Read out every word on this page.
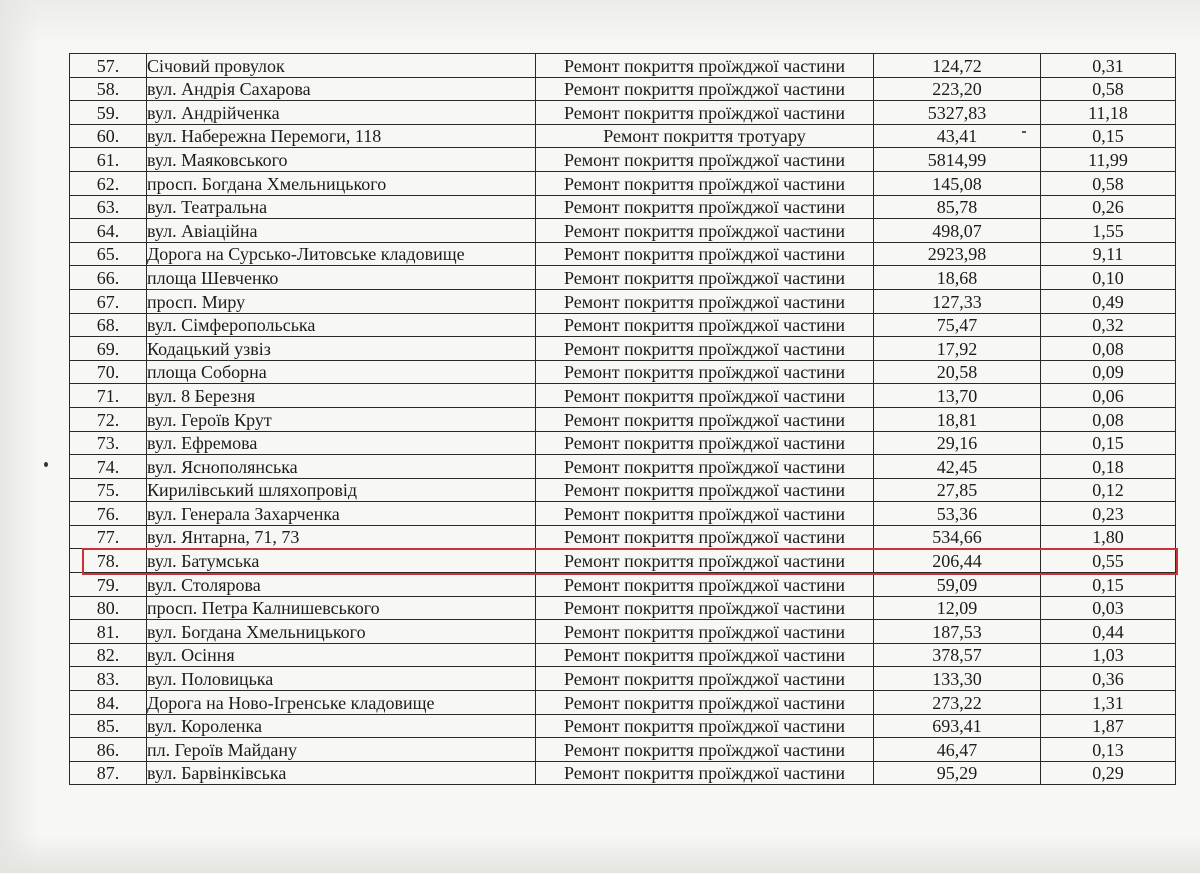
57.	Січовий провулок	Ремонт покриття проїжджої частини	124,72	0,31
58.	вул. Андрія Сахарова	Ремонт покриття проїжджої частини	223,20	0,58
59.	вул. Андрійченка	Ремонт покриття проїжджої частини	5327,83	11,18
60.	вул. Набережна Перемоги, 118	Ремонт покриття тротуару	43,41	0,15
61.	вул. Маяковського	Ремонт покриття проїжджої частини	5814,99	11,99
62.	просп. Богдана Хмельницького	Ремонт покриття проїжджої частини	145,08	0,58
63.	вул. Театральна	Ремонт покриття проїжджої частини	85,78	0,26
64.	вул. Авіаційна	Ремонт покриття проїжджої частини	498,07	1,55
65.	Дорога на Сурсько-Литовське кладовище	Ремонт покриття проїжджої частини	2923,98	9,11
66.	площа Шевченко	Ремонт покриття проїжджої частини	18,68	0,10
67.	просп. Миру	Ремонт покриття проїжджої частини	127,33	0,49
68.	вул. Сімферопольська	Ремонт покриття проїжджої частини	75,47	0,32
69.	Кодацький узвіз	Ремонт покриття проїжджої частини	17,92	0,08
70.	площа Соборна	Ремонт покриття проїжджої частини	20,58	0,09
71.	вул. 8 Березня	Ремонт покриття проїжджої частини	13,70	0,06
72.	вул. Героїв Крут	Ремонт покриття проїжджої частини	18,81	0,08
73.	вул. Ефремова	Ремонт покриття проїжджої частини	29,16	0,15
74.	вул. Яснополянська	Ремонт покриття проїжджої частини	42,45	0,18
75.	Кирилівський шляхопровід	Ремонт покриття проїжджої частини	27,85	0,12
76.	вул. Генерала Захарченка	Ремонт покриття проїжджої частини	53,36	0,23
77.	вул. Янтарна, 71, 73	Ремонт покриття проїжджої частини	534,66	1,80
78.	вул. Батумська	Ремонт покриття проїжджої частини	206,44	0,55
79.	вул. Столярова	Ремонт покриття проїжджої частини	59,09	0,15
80.	просп. Петра Калнишевського	Ремонт покриття проїжджої частини	12,09	0,03
81.	вул. Богдана Хмельницького	Ремонт покриття проїжджої частини	187,53	0,44
82.	вул. Осіння	Ремонт покриття проїжджої частини	378,57	1,03
83.	вул. Половицька	Ремонт покриття проїжджої частини	133,30	0,36
84.	Дорога на Ново-Ігренське кладовище	Ремонт покриття проїжджої частини	273,22	1,31
85.	вул. Короленка	Ремонт покриття проїжджої частини	693,41	1,87
86.	пл. Героїв Майдану	Ремонт покриття проїжджої частини	46,47	0,13
87.	вул. Барвінківська	Ремонт покриття проїжджої частини	95,29	0,29
